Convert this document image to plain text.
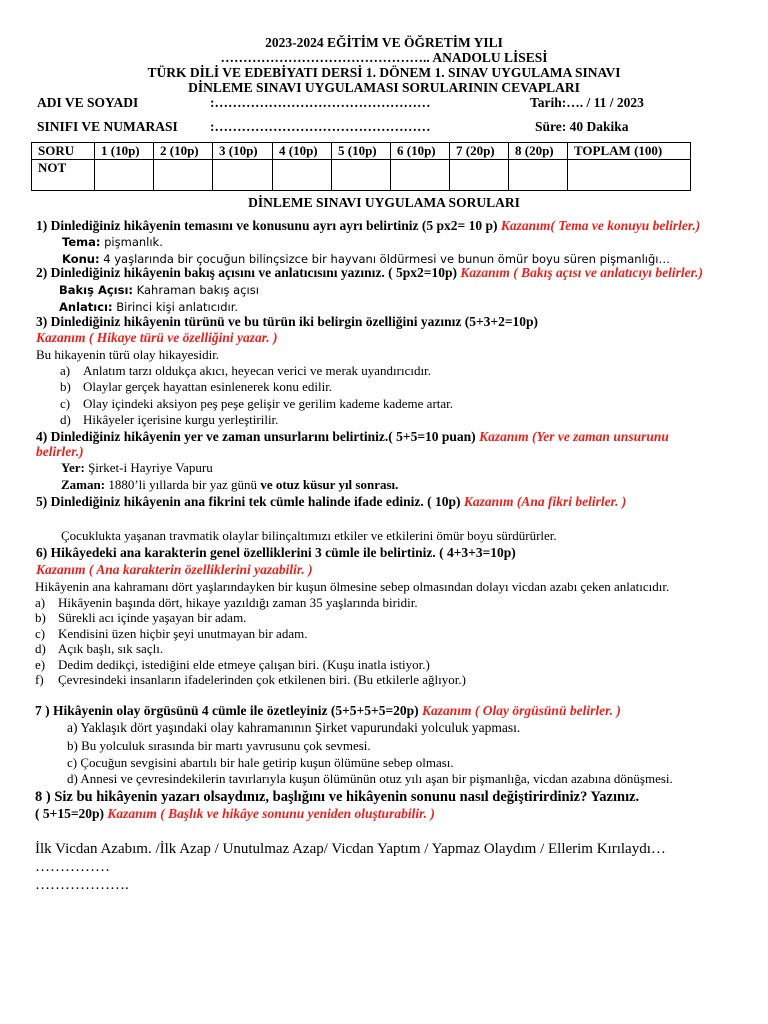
2023-2024 EĞİTİM VE ÖĞRETİM YILI
……………………………………….. ANADOLU LİSESİ
TÜRK DİLİ VE EDEBİYATI DERSİ 1. DÖNEM 1. SINAV UYGULAMA SINAVI
DİNLEME SINAVI UYGULAMASI SORULARININ CEVAPLARI
ADI VE SOYADI	:…………………………………………	Tarih:…. / 11 / 2023
SINIFI VE NUMARASI :…………………………………………	Süre: 40 Dakika
SORU	1 (10p)	2 (10p)	3 (10p)	4 (10p)	5 (10p)	6 (10p)	7 (20p)	8 (20p)	TOPLAM (100)
NOT									
DİNLEME SINAVI UYGULAMA SORULARI
1) Dinlediğiniz hikâyenin temasını ve konusunu ayrı ayrı belirtiniz (5 px2= 10 p) Kazanım( Tema ve konuyu belirler.)
Tema: pişmanlık.
Konu: 4 yaşlarında bir çocuğun bilinçsizce bir hayvanı öldürmesi ve bunun ömür boyu süren pişmanlığı…
2) Dinlediğiniz hikâyenin bakış açısını ve anlatıcısını yazınız. ( 5px2=10p) Kazanım ( Bakış açısı ve anlatıcıyı belirler.)
Bakış Açısı: Kahraman bakış açısı
Anlatıcı: Birinci kişi anlatıcıdır.
3) Dinlediğiniz hikâyenin türünü ve bu türün iki belirgin özelliğini yazınız (5+3+2=10p)
Kazanım ( Hikaye türü ve özelliğini yazar. )
Bu hikayenin türü olay hikayesidir.
a) Anlatım tarzı oldukça akıcı, heyecan verici ve merak uyandırıcıdır.
b) Olaylar gerçek hayattan esinlenerek konu edilir.
c) Olay içindeki aksiyon peş peşe gelişir ve gerilim kademe kademe artar.
d) Hikâyeler içerisine kurgu yerleştirilir.
4) Dinlediğiniz hikâyenin yer ve zaman unsurlarını belirtiniz.( 5+5=10 puan) Kazanım (Yer ve zaman unsurunu
belirler.)
Yer: Şirket-i Hayriye Vapuru
Zaman: 1880’li yıllarda bir yaz günü ve otuz küsur yıl sonrası.
5) Dinlediğiniz hikâyenin ana fikrini tek cümle halinde ifade ediniz. ( 10p) Kazanım (Ana fikri belirler. )
Çocuklukta yaşanan travmatik olaylar bilinçaltımızı etkiler ve etkilerini ömür boyu sürdürürler.
6) Hikâyedeki ana karakterin genel özelliklerini 3 cümle ile belirtiniz. ( 4+3+3=10p)
Kazanım ( Ana karakterin özelliklerini yazabilir. )
Hikâyenin ana kahramanı dört yaşlarındayken bir kuşun ölmesine sebep olmasından dolayı vicdan azabı çeken anlatıcıdır.
a) Hikâyenin başında dört, hikaye yazıldığı zaman 35 yaşlarında biridir.
b) Sürekli acı içinde yaşayan bir adam.
c) Kendisini üzen hiçbir şeyi unutmayan bir adam.
d) Açık başlı, sık saçlı.
e) Dedim dedikçi, istediğini elde etmeye çalışan biri. (Kuşu inatla istiyor.)
f) Çevresindeki insanların ifadelerinden çok etkilenen biri. (Bu etkilerle ağlıyor.)
7 ) Hikâyenin olay örgüsünü 4 cümle ile özetleyiniz (5+5+5+5=20p) Kazanım ( Olay örgüsünü belirler. )
a) Yaklaşık dört yaşındaki olay kahramanının Şirket vapurundaki yolculuk yapması.
b) Bu yolculuk sırasında bir martı yavrusunu çok sevmesi.
c) Çocuğun sevgisini abartılı bir hale getirip kuşun ölümüne sebep olması.
d) Annesi ve çevresindekilerin tavırlarıyla kuşun ölümünün otuz yılı aşan bir pişmanlığa, vicdan azabına dönüşmesi.
8 ) Siz bu hikâyenin yazarı olsaydınız, başlığını ve hikâyenin sonunu nasıl değiştirirdiniz? Yazınız.
( 5+15=20p) Kazanım ( Başlık ve hikâye sonunu yeniden oluşturabilir. )
İlk Vicdan Azabım. /İlk Azap / Unutulmaz Azap/ Vicdan Yaptım / Yapmaz Olaydım / Ellerim Kırılaydı…
……………
……………….
